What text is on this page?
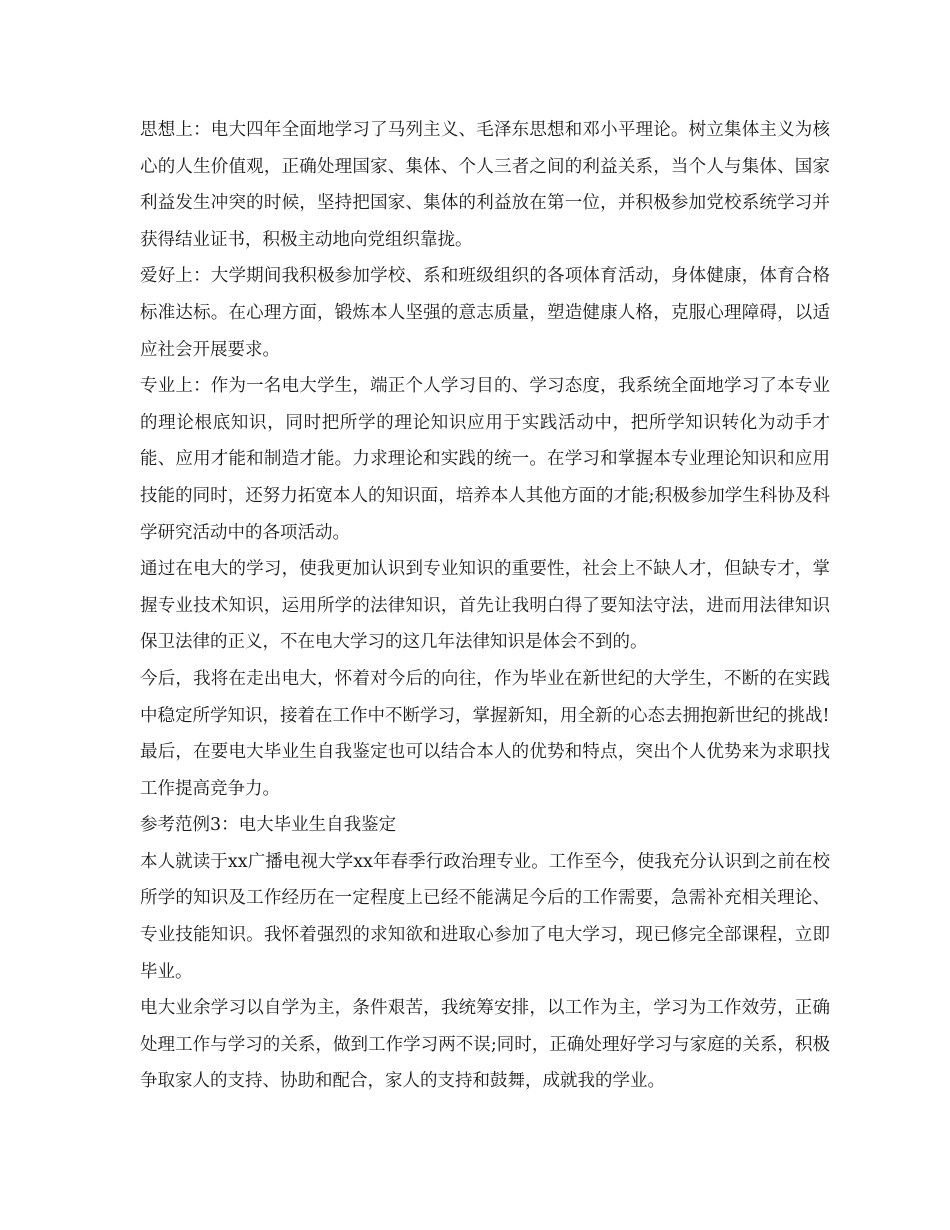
思想上：电大四年全面地学习了马列主义、毛泽东思想和邓小平理论。树立集体主义为核心的人生价值观，正确处理国家、集体、个人三者之间的利益关系，当个人与集体、国家利益发生冲突的时候，坚持把国家、集体的利益放在第一位，并积极参加党校系统学习并获得结业证书，积极主动地向党组织靠拢。

爱好上：大学期间我积极参加学校、系和班级组织的各项体育活动，身体健康，体育合格标准达标。在心理方面，锻炼本人坚强的意志质量，塑造健康人格，克服心理障碍，以适应社会开展要求。

专业上：作为一名电大学生，端正个人学习目的、学习态度，我系统全面地学习了本专业的理论根底知识，同时把所学的理论知识应用于实践活动中，把所学知识转化为动手才能、应用才能和制造才能。力求理论和实践的统一。在学习和掌握本专业理论知识和应用技能的同时，还努力拓宽本人的知识面，培养本人其他方面的才能;积极参加学生科协及科学研究活动中的各项活动。

通过在电大的学习，使我更加认识到专业知识的重要性，社会上不缺人才，但缺专才，掌握专业技术知识，运用所学的法律知识，首先让我明白得了要知法守法，进而用法律知识保卫法律的正义，不在电大学习的这几年法律知识是体会不到的。

今后，我将在走出电大，怀着对今后的向往，作为毕业在新世纪的大学生，不断的在实践中稳定所学知识，接着在工作中不断学习，掌握新知，用全新的心态去拥抱新世纪的挑战!

最后，在要电大毕业生自我鉴定也可以结合本人的优势和特点，突出个人优势来为求职找工作提高竞争力。

参考范例3：电大毕业生自我鉴定

本人就读于xx广播电视大学xx年春季行政治理专业。工作至今，使我充分认识到之前在校所学的知识及工作经历在一定程度上已经不能满足今后的工作需要，急需补充相关理论、专业技能知识。我怀着强烈的求知欲和进取心参加了电大学习，现已修完全部课程，立即毕业。

电大业余学习以自学为主，条件艰苦，我统筹安排，以工作为主，学习为工作效劳，正确处理工作与学习的关系，做到工作学习两不误;同时，正确处理好学习与家庭的关系，积极争取家人的支持、协助和配合，家人的支持和鼓舞，成就我的学业。
